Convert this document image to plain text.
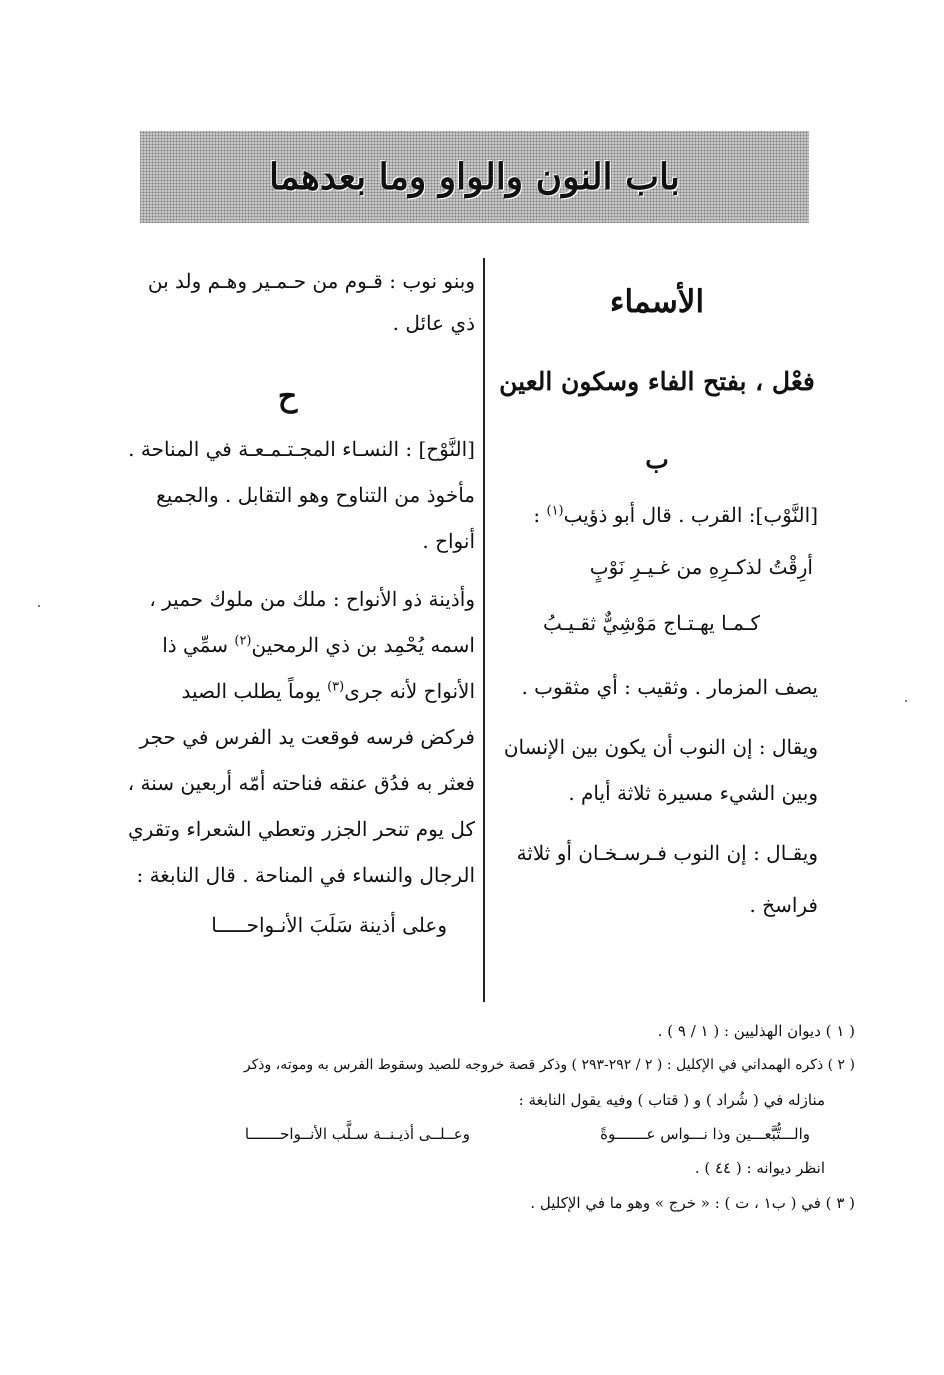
باب النون والواو وما بعدهما
الأسماء
فعْل ، بفتح الفاء وسكون العين
ب
[النَّوْب]: القرب . قال أبو ذؤيب$^{(١)}$ :
أرِقْتُ لذكـرِهِ من غـيـرِ نَوْبٍ
كـمـا يهـتـاج مَوْشِيٌّ ثقـيـبُ
يصف المزمار . وثقيب : أي مثقوب .
ويقال : إن النوب أن يكون بين الإنسان
وبين الشيء مسيرة ثلاثة أيام .
ويقـال : إن النوب فـرسـخـان أو ثلاثة
فراسخ .
وبنو نوب : قـوم من حـمـير وهـم ولد بن
ذي عائل .
ح
[النَّوْح] : النسـاء المجـتـمـعـة في المناحة .
مأخوذ من التناوح وهو التقابل . والجميع
أنواح .
وأذينة ذو الأنواح : ملك من ملوك حمير ،
اسمه يُحْمِد بن ذي الرمحين$^{(٢)}$ سمِّي ذا
الأنواح لأنه جرى$^{(٣)}$ يوماً يطلب الصيد
فركض فرسه فوقعت يد الفرس في حجر
فعثر به فدُق عنقه فناحته أمّه أربعين سنة ،
كل يوم تنحر الجزر وتعطي الشعراء وتقري
الرجال والنساء في المناحة . قال النابغة :
وعلى أذينة سَلَبَ الأنـواحـــــا
( ١ ) ديوان الهذليين : ( ١ / ٩ ) .
( ٢ ) ذكره الهمداني في الإكليل : ( ٢ / ٢٩٢-٢٩٣ ) وذكر قصة خروجه للصيد وسقوط الفرس به وموته، وذكر
منازله في ( شُراد ) و ( قتاب ) وفيه يقول النابغة :
والـــتُّبَّعـــين وذا نـــواس عـــــــوةً
وعــلــى أذيـنــة سـلَّب الأنــواحـــــــا
انظر ديوانه : ( ٤٤ ) .
( ٣ ) في ( ب١ ، ت ) : « خرج » وهو ما في الإكليل .
